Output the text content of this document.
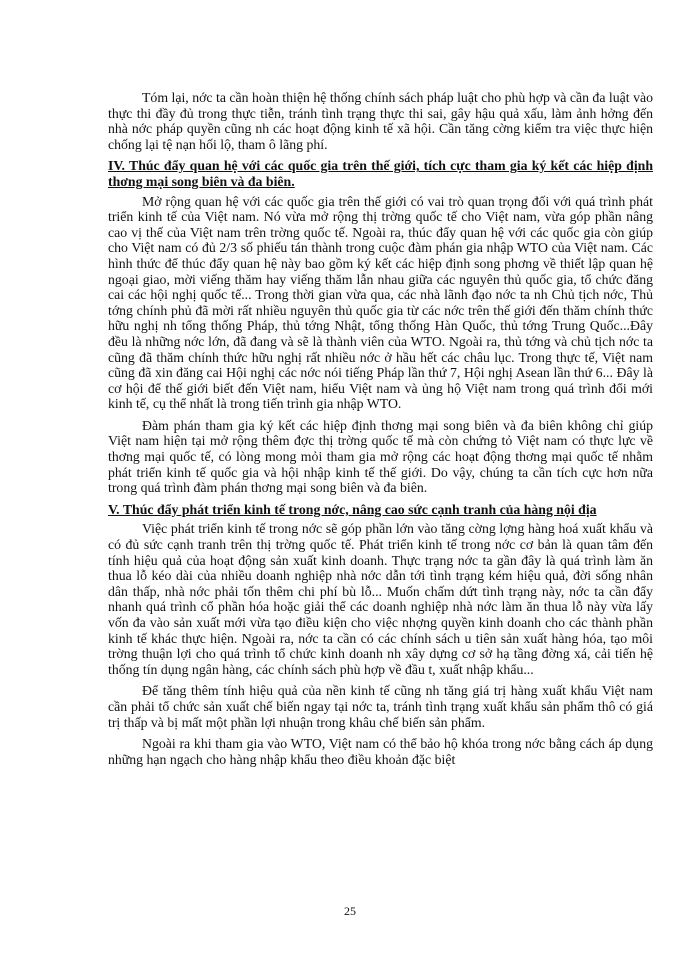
Tóm lại, nớc ta cần hoàn thiện hệ thống chính sách pháp luật cho phù hợp và cần đa luật vào thực thi đầy đủ trong thực tiễn, tránh tình trạng thực thi sai, gây hậu quả xấu, làm ảnh hởng đến nhà nớc pháp quyền cũng nh các hoạt động kinh tế xã hội. Cần tăng cờng kiểm tra việc thực hiện chống lại tệ nạn hối lộ, tham ô lãng phí.

IV. Thúc đẩy quan hệ với các quốc gia trên thế giới, tích cực tham gia ký kết các hiệp định thơng mại song biên và đa biên.

Mở rộng quan hệ với các quốc gia trên thế giới có vai trò quan trọng đối với quá trình phát triển kinh tế của Việt nam. Nó vừa mở rộng thị trờng quốc tế cho Việt nam, vừa góp phần nâng cao vị thế của Việt nam trên trờng quốc tế. Ngoài ra, thúc đẩy quan hệ với các quốc gia còn giúp cho Việt nam có đủ 2/3 số phiếu tán thành trong cuộc đàm phán gia nhập WTO của Việt nam. Các hình thức để thúc đẩy quan hệ này bao gồm ký kết các hiệp định song phơng về thiết lập quan hệ ngoại giao, mời viếng thăm hay viếng thăm lẫn nhau giữa các nguyên thủ quốc gia, tổ chức đăng cai các hội nghị quốc tế... Trong thời gian vừa qua, các nhà lãnh đạo nớc ta nh Chủ tịch nớc, Thủ tớng chính phủ đã mời rất nhiều nguyên thủ quốc gia từ các nớc trên thế giới đến thăm chính thức hữu nghị nh tổng thống Pháp, thủ tớng Nhật, tổng thống Hàn Quốc, thủ tớng Trung Quốc...Đây đều là những nớc lớn, đã đang và sẽ là thành viên của WTO. Ngoài ra, thủ tớng và chủ tịch nớc ta cũng đã thăm chính thức hữu nghị rất nhiều nớc ở hầu hết các châu lục. Trong thực tế, Việt nam cũng đã xin đăng cai Hội nghị các nớc nói tiếng Pháp lần thứ 7, Hội nghị Asean lần thứ 6... Đây là cơ hội để thế giới biết đến Việt nam, hiểu Việt nam và ủng hộ Việt nam trong quá trình đổi mới kinh tế, cụ thể nhất là trong tiến trình gia nhập WTO.

Đàm phán tham gia ký kết các hiệp định thơng mại song biên và đa biên không chỉ giúp Việt nam hiện tại mở rộng thêm đợc thị trờng quốc tế mà còn chứng tỏ Việt nam có thực lực về thơng mại quốc tế, có lòng mong mỏi tham gia mở rộng các hoạt động thơng mại quốc tế nhằm phát triển kinh tế quốc gia và hội nhập kinh tế thế giới. Do vậy, chúng ta cần tích cực hơn nữa trong quá trình đàm phán thơng mại song biên và đa biên.

V. Thúc đẩy phát triển kinh tế trong nớc, nâng cao sức cạnh tranh của hàng nội địa

Việc phát triển kinh tế trong nớc sẽ góp phần lớn vào tăng cờng lợng hàng hoá xuất khẩu và có đủ sức cạnh tranh trên thị trờng quốc tế. Phát triển kinh tế trong nớc cơ bản là quan tâm đến tính hiệu quả của hoạt động sản xuất kinh doanh. Thực trạng nớc ta gần đây là quá trình làm ăn thua lỗ kéo dài của nhiều doanh nghiệp nhà nớc dẫn tới tình trạng kém hiệu quả, đời sống nhân dân thấp, nhà nớc phải tốn thêm chi phí bù lỗ... Muốn chấm dứt tình trạng này, nớc ta cần đẩy nhanh quá trình cổ phần hóa hoặc giải thể các doanh nghiệp nhà nớc làm ăn thua lỗ này vừa lấy vốn đa vào sản xuất mới vừa tạo điều kiện cho việc nhợng quyền kinh doanh cho các thành phần kinh tế khác thực hiện. Ngoài ra, nớc ta cần có các chính sách u tiên sản xuất hàng hóa, tạo môi trờng thuận lợi cho quá trình tổ chức kinh doanh nh xây dựng cơ sở hạ tầng đờng xá, cải tiến hệ thống tín dụng ngân hàng, các chính sách phù hợp về đầu t, xuất nhập khẩu...

Để tăng thêm tính hiệu quả của nền kinh tế cũng nh tăng giá trị hàng xuất khẩu Việt nam cần phải tổ chức sản xuất chế biến ngay tại nớc ta, tránh tình trạng xuất khẩu sản phẩm thô có giá trị thấp và bị mất một phần lợi nhuận trong khâu chế biến sản phẩm.

Ngoài ra khi tham gia vào WTO, Việt nam có thể bảo hộ khóa trong nớc bằng cách áp dụng những hạn ngạch cho hàng nhập khẩu theo điều khoản đặc biệt

25
